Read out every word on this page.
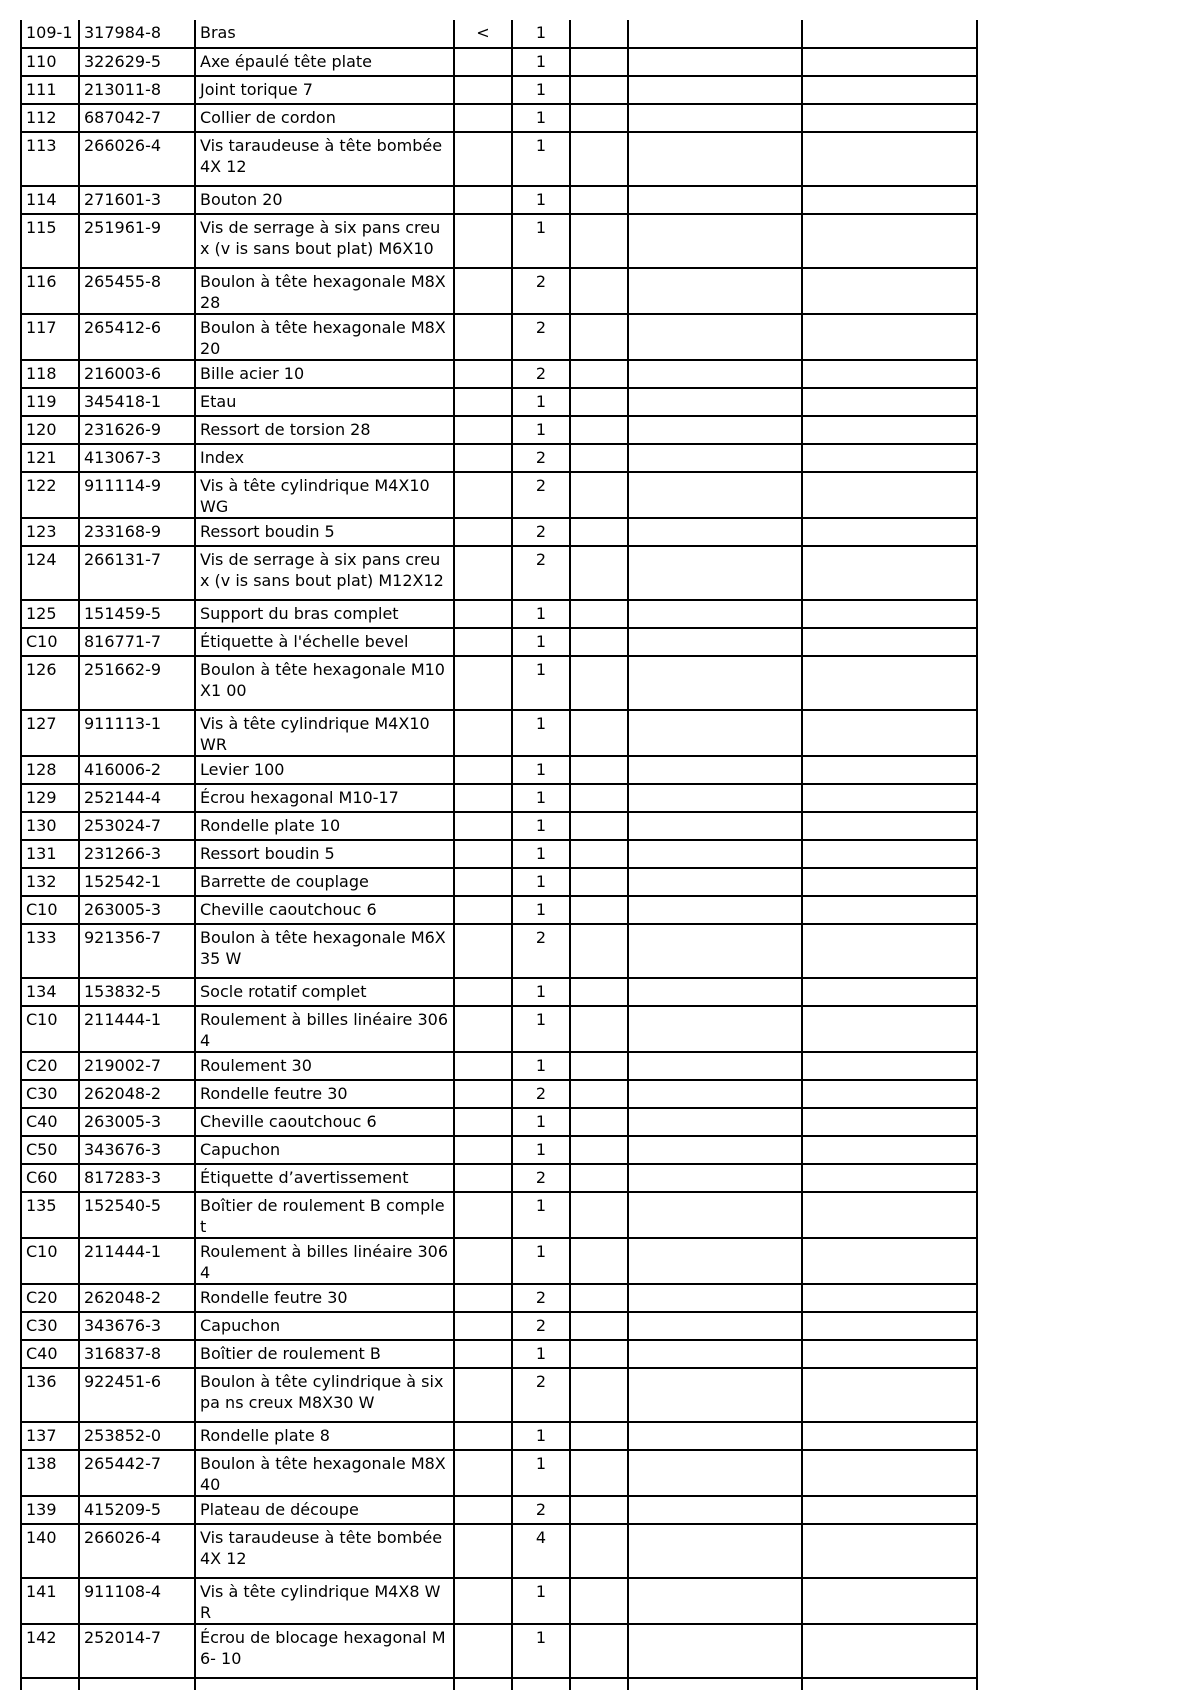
109-1	317984-8	Bras	<	1			
110	322629-5	Axe épaulé tête plate		1			
111	213011-8	Joint torique 7		1			
112	687042-7	Collier de cordon		1			
113	266026-4	Vis taraudeuse à tête bombée 4X 12		1			
114	271601-3	Bouton 20		1			
115	251961-9	Vis de serrage à six pans creux (v is sans bout plat) M6X10		1			
116	265455-8	Boulon à tête hexagonale M8X28		2			
117	265412-6	Boulon à tête hexagonale M8X20		2			
118	216003-6	Bille acier 10		2			
119	345418-1	Etau		1			
120	231626-9	Ressort de torsion 28		1			
121	413067-3	Index		2			
122	911114-9	Vis à tête cylindrique M4X10 WG		2			
123	233168-9	Ressort boudin 5		2			
124	266131-7	Vis de serrage à six pans creux (v is sans bout plat) M12X12		2			
125	151459-5	Support du bras complet		1			
C10	816771-7	Étiquette à l'échelle bevel		1			
126	251662-9	Boulon à tête hexagonale M10X1 00		1			
127	911113-1	Vis à tête cylindrique M4X10 WR		1			
128	416006-2	Levier 100		1			
129	252144-4	Écrou hexagonal M10-17		1			
130	253024-7	Rondelle plate 10		1			
131	231266-3	Ressort boudin 5		1			
132	152542-1	Barrette de couplage		1			
C10	263005-3	Cheville caoutchouc 6		1			
133	921356-7	Boulon à tête hexagonale M6X35 W		2			
134	153832-5	Socle rotatif complet		1			
C10	211444-1	Roulement à billes linéaire 3064		1			
C20	219002-7	Roulement 30		1			
C30	262048-2	Rondelle feutre 30		2			
C40	263005-3	Cheville caoutchouc 6		1			
C50	343676-3	Capuchon		1			
C60	817283-3	Étiquette d’avertissement		2			
135	152540-5	Boîtier de roulement B complet		1			
C10	211444-1	Roulement à billes linéaire 3064		1			
C20	262048-2	Rondelle feutre 30		2			
C30	343676-3	Capuchon		2			
C40	316837-8	Boîtier de roulement B		1			
136	922451-6	Boulon à tête cylindrique à six pa ns creux M8X30 W		2			
137	253852-0	Rondelle plate 8		1			
138	265442-7	Boulon à tête hexagonale M8X40		1			
139	415209-5	Plateau de découpe		2			
140	266026-4	Vis taraudeuse à tête bombée 4X 12		4			
141	911108-4	Vis à tête cylindrique M4X8 WR		1			
142	252014-7	Écrou de blocage hexagonal M6- 10		1			
